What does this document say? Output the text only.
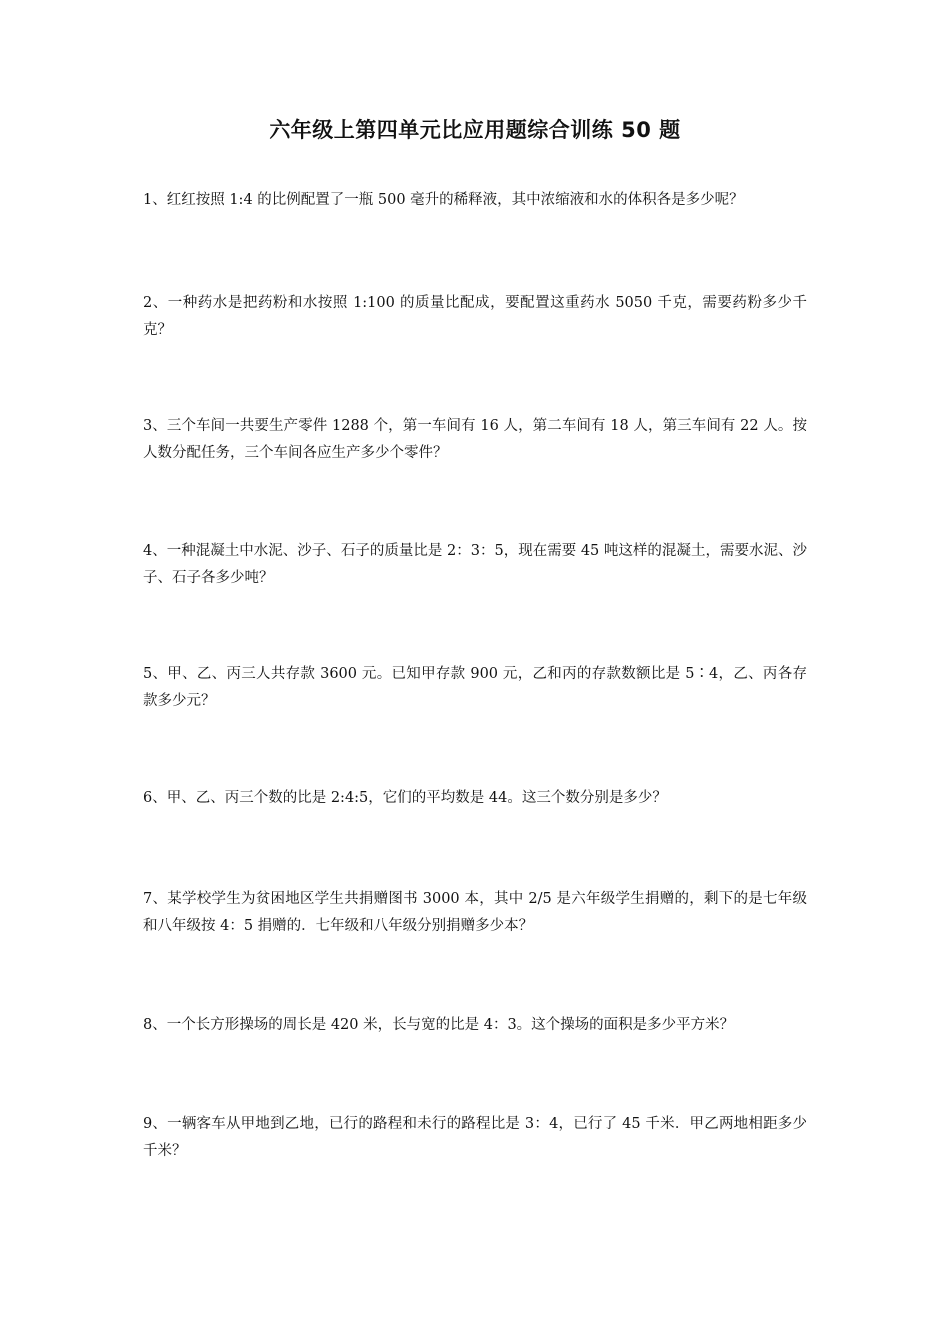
六年级上第四单元比应用题综合训练 50 题

1、红红按照 1:4 的比例配置了一瓶 500 毫升的稀释液，其中浓缩液和水的体积各是多少呢？

2、一种药水是把药粉和水按照 1:100 的质量比配成，要配置这重药水 5050 千克，需要药粉多少千克？

3、三个车间一共要生产零件 1288 个，第一车间有 16 人，第二车间有 18 人，第三车间有 22 人。按人数分配任务，三个车间各应生产多少个零件？

4、一种混凝土中水泥、沙子、石子的质量比是 2：3：5，现在需要 45 吨这样的混凝土，需要水泥、沙子、石子各多少吨？

5、甲、乙、丙三人共存款 3600 元。已知甲存款 900 元，乙和丙的存款数额比是 5∶4，乙、丙各存款多少元？

6、甲、乙、丙三个数的比是 2:4:5，它们的平均数是 44。这三个数分别是多少？

7、某学校学生为贫困地区学生共捐赠图书 3000 本，其中 2/5 是六年级学生捐赠的，剩下的是七年级和八年级按 4：5 捐赠的．七年级和八年级分别捐赠多少本？

8、一个长方形操场的周长是 420 米，长与宽的比是 4：3。这个操场的面积是多少平方米？

9、一辆客车从甲地到乙地，已行的路程和未行的路程比是 3：4，已行了 45 千米．甲乙两地相距多少千米？
